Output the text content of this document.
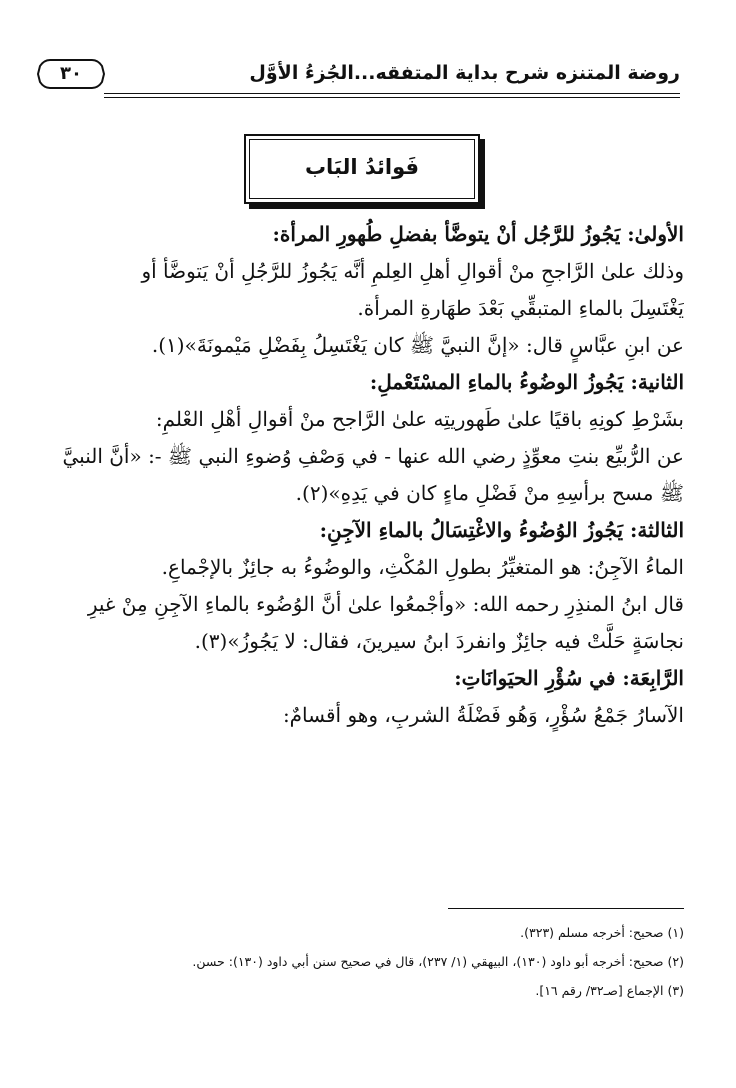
روضة المتنزه شرح بداية المتفقه...الجُزءُ الأوَّل
٣٠
فَوائدُ البَاب
الأولىٰ: يَجُوزُ للرَّجُل أنْ يتوضَّأ بفضلِ طُهورِ المرأة:
وذلك علىٰ الرَّاجحِ منْ أقوالِ أهلِ العِلمِ أنَّه يَجُوزُ للرَّجُلِ أنْ يَتوضَّأ أو
يَغْتَسِلَ بالماءِ المتبقِّي بَعْدَ طهَارةِ المرأة.
عن ابنِ عبَّاسٍ قال: «إنَّ النبيَّ ﷺ كان يَغْتَسِلُ بِفَضْلِ مَيْمونَةَ»(١).
الثانية: يَجُوزُ الوضُوءُ بالماءِ المسْتَعْملِ:
بشَرْطِ كونِهِ باقيًا علىٰ طَهوريتِه علىٰ الرَّاجح منْ أقوالِ أهْلِ العْلمِ:
عن الرُّبيِّع بنتِ معوِّذٍ رضي الله عنها - في وَصْفِ وُضوءِ النبي ﷺ -: «أنَّ النبيَّ
ﷺ مسح برأسِهِ منْ فَضْلِ ماءٍ كان في يَدِهِ»(٢).
الثالثة: يَجُوزُ الوُضُوءُ والاغْتِسَالُ بالماءِ الآجِنِ:
الماءُ الآجِنُ: هو المتغيِّرُ بطولِ المُكْثِ، والوضُوءُ به جائِزٌ بالإجْماعِ.
قال ابنُ المنذِرِ رحمه الله: «وأجْمعُوا علىٰ أنَّ الوُضُوء بالماءِ الآجِنِ مِنْ غيرِ
نجاسَةٍ حَلَّتْ فيه جائِزٌ وانفردَ ابنُ سيرينَ، فقال: لا يَجُوزُ»(٣).
الرَّابِعَة: في سُؤْرِ الحيَوانَاتِ:
الآسارُ جَمْعُ سُؤْرٍ، وَهُو فَضْلَةُ الشربِ، وهو أقسامٌ:
(١) صحيح: أخرجه مسلم (٣٢٣).
(٢) صحيح: أخرجه أبو داود (١٣٠)، البيهقي (١/ ٢٣٧)، قال في صحيح سنن أبي داود (١٣٠): حسن.
(٣) الإجماع [صـ٣٢/ رقم ١٦].
